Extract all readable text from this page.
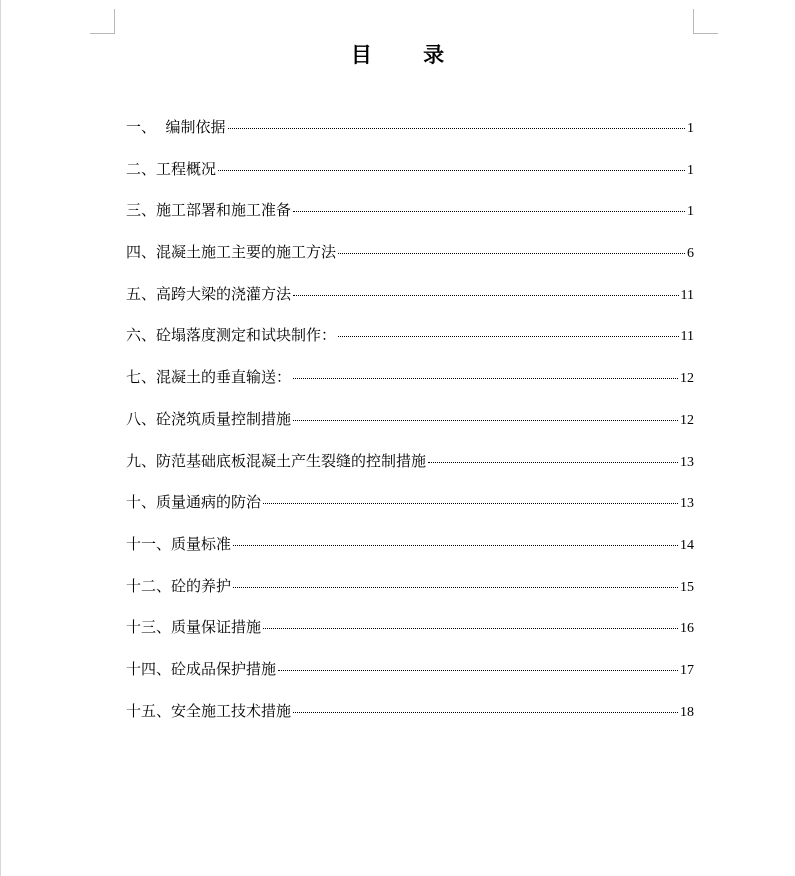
目 录
一、  编制依据	1
二、工程概况	1
三、施工部署和施工准备	1
四、混凝土施工主要的施工方法	6
五、高跨大梁的浇灌方法	11
六、砼塌落度测定和试块制作：	11
七、混凝土的垂直输送：	12
八、砼浇筑质量控制措施	12
九、防范基础底板混凝土产生裂缝的控制措施	13
十、质量通病的防治	13
十一、质量标准	14
十二、砼的养护	15
十三、质量保证措施	16
十四、砼成品保护措施	17
十五、安全施工技术措施	18
